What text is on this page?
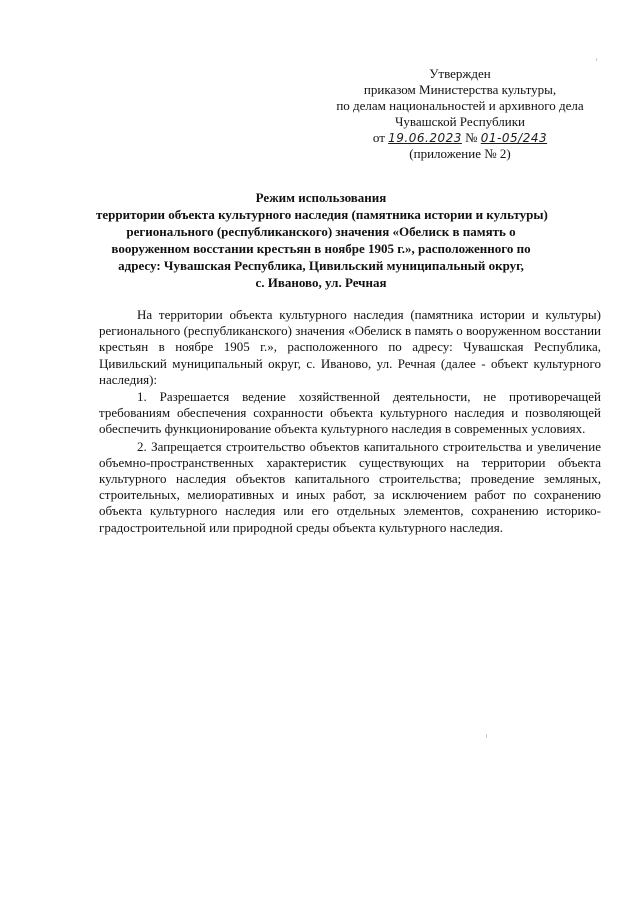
Утвержден
приказом Министерства культуры,
по делам национальностей и архивного дела
Чувашской Республики
от 19.06.2023 № 01-05/243
(приложение № 2)
Режим использования
территории объекта культурного наследия (памятника истории и культуры)
регионального (республиканского) значения «Обелиск в память о
вооруженном восстании крестьян в ноябре 1905 г.», расположенного по
адресу: Чувашская Республика, Цивильский муниципальный округ,
с. Иваново, ул. Речная

На территории объекта культурного наследия (памятника истории и культуры) регионального (республиканского) значения «Обелиск в память о вооруженном восстании крестьян в ноябре 1905 г.», расположенного по адресу: Чувашская Республика, Цивильский муниципальный округ, с. Иваново, ул. Речная (далее - объект культурного наследия):

1. Разрешается ведение хозяйственной деятельности, не противоречащей требованиям обеспечения сохранности объекта культурного наследия и позволяющей обеспечить функционирование объекта культурного наследия в современных условиях.

2. Запрещается строительство объектов капитального строительства и увеличение объемно-пространственных характеристик существующих на территории объекта культурного наследия объектов капитального строительства; проведение земляных, строительных, мелиоративных и иных работ, за исключением работ по сохранению объекта культурного наследия или его отдельных элементов, сохранению историко-градостроительной или природной среды объекта культурного наследия.
